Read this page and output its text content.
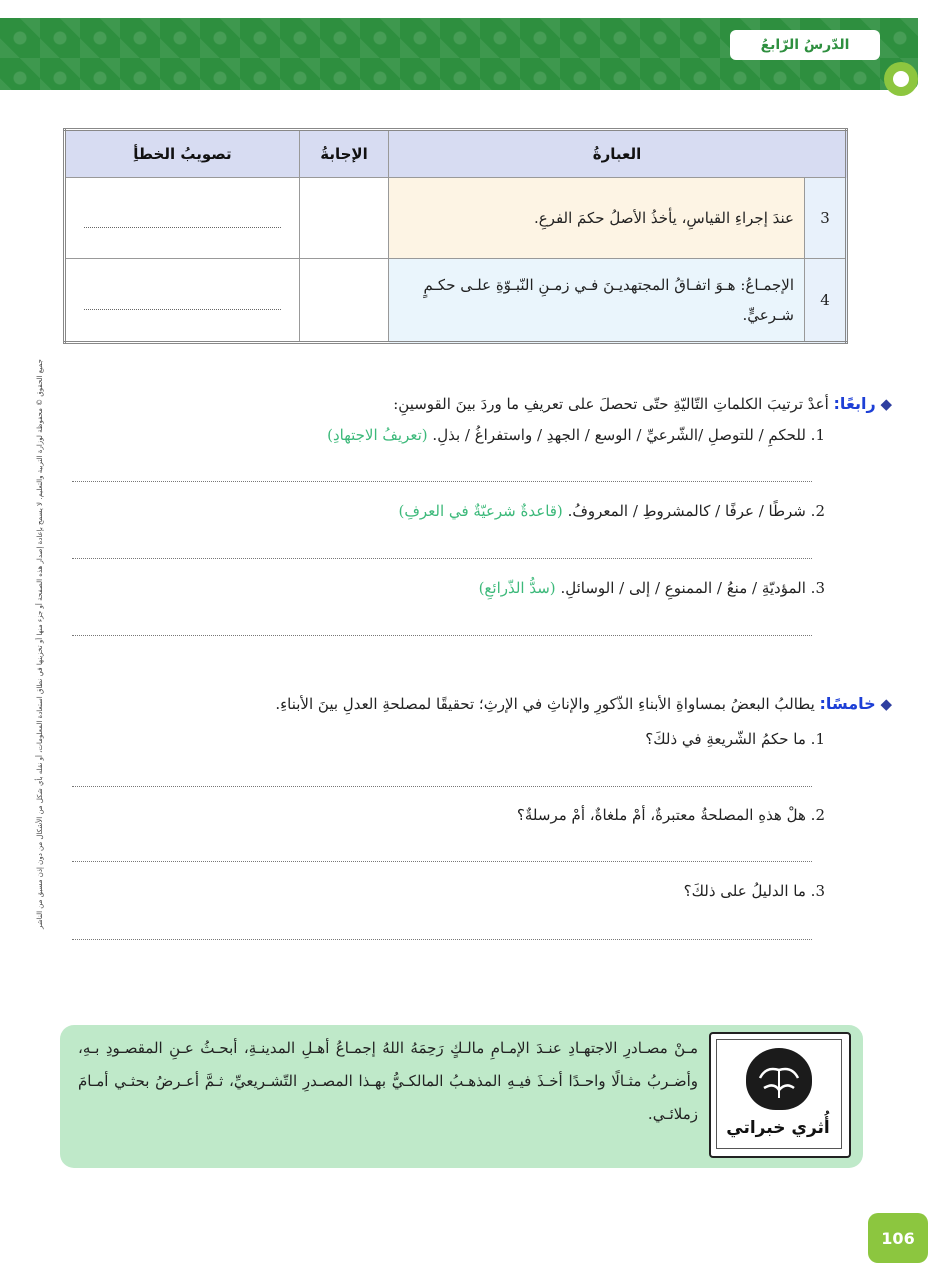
الدّرسُ الرّابعُ
جميع الحقوق © محفوظة لوزارة التربية والتعليم. لا يسمح بإعادة إصدار هذه الصفحة أو جزء منها أو تخزينها في نطاق استعادة المعلومات، أو نقله بأي شكل من الأشكال من دون إذن مسبق من الناشر
العبارةُ		الإجابةُ	تصويبُ الخطأِ
3	عندَ إجراءِ القياسِ، يأخذُ الأصلُ حكمَ الفرعِ.		

4	الإجمـاعُ: هـوَ اتفـاقُ المجتهديـنَ فـي زمـنِ النّبـوّةِ علـى حكـمٍ شـرعيٍّ.		
◆ رابعًا: أعدْ ترتيبَ الكلماتِ التّاليّةِ حتّى تحصلَ على تعريفِ ما وردَ بينَ القوسينِ:
1. للحكمِ / للتوصلِ /الشّرعيِّ / الوسع / الجهدِ / واستفراغُ / بذلِ. (تعريفُ الاجتهادِ)
2. شرطًا / عرفًا / كالمشروطِ / المعروفُ. (قاعدةٌ شرعيّةٌ في العرفِ)
3. المؤديّةِ / منعُ / الممنوعِ / إلى / الوسائلِ. (سدُّ الذّرائعِ)
◆ خامسًا: يطالبُ البعضُ بمساواةِ الأبناءِ الذّكورِ والإناثِ في الإرثِ؛ تحقيقًا لمصلحةِ العدلِ بينَ الأبناءِ.
1. ما حكمُ الشّريعةِ في ذلكَ؟
2. هلْ هذهِ المصلحةُ معتبرةٌ، أمْ ملغاةٌ، أمْ مرسلةٌ؟
3. ما الدليلُ على ذلكَ؟
مـنْ مصـادرِ الاجتهـادِ عنـدَ الإمـامِ مالـكٍ رَحِمَهُ اللهُ إجمـاعُ أهـلِ المدينـةِ، أبحـثُ عـنِ المقصـودِ بـهِ، وأضـربُ مثـالًا واحـدًا أخـذَ فيـهِ المذهـبُ المالكـيُّ بهـذا المصـدرِ التّشـريعيِّ، ثـمَّ أعـرضُ بحثـي أمـامَ زملائـي.
أُثري خبراتي
106
